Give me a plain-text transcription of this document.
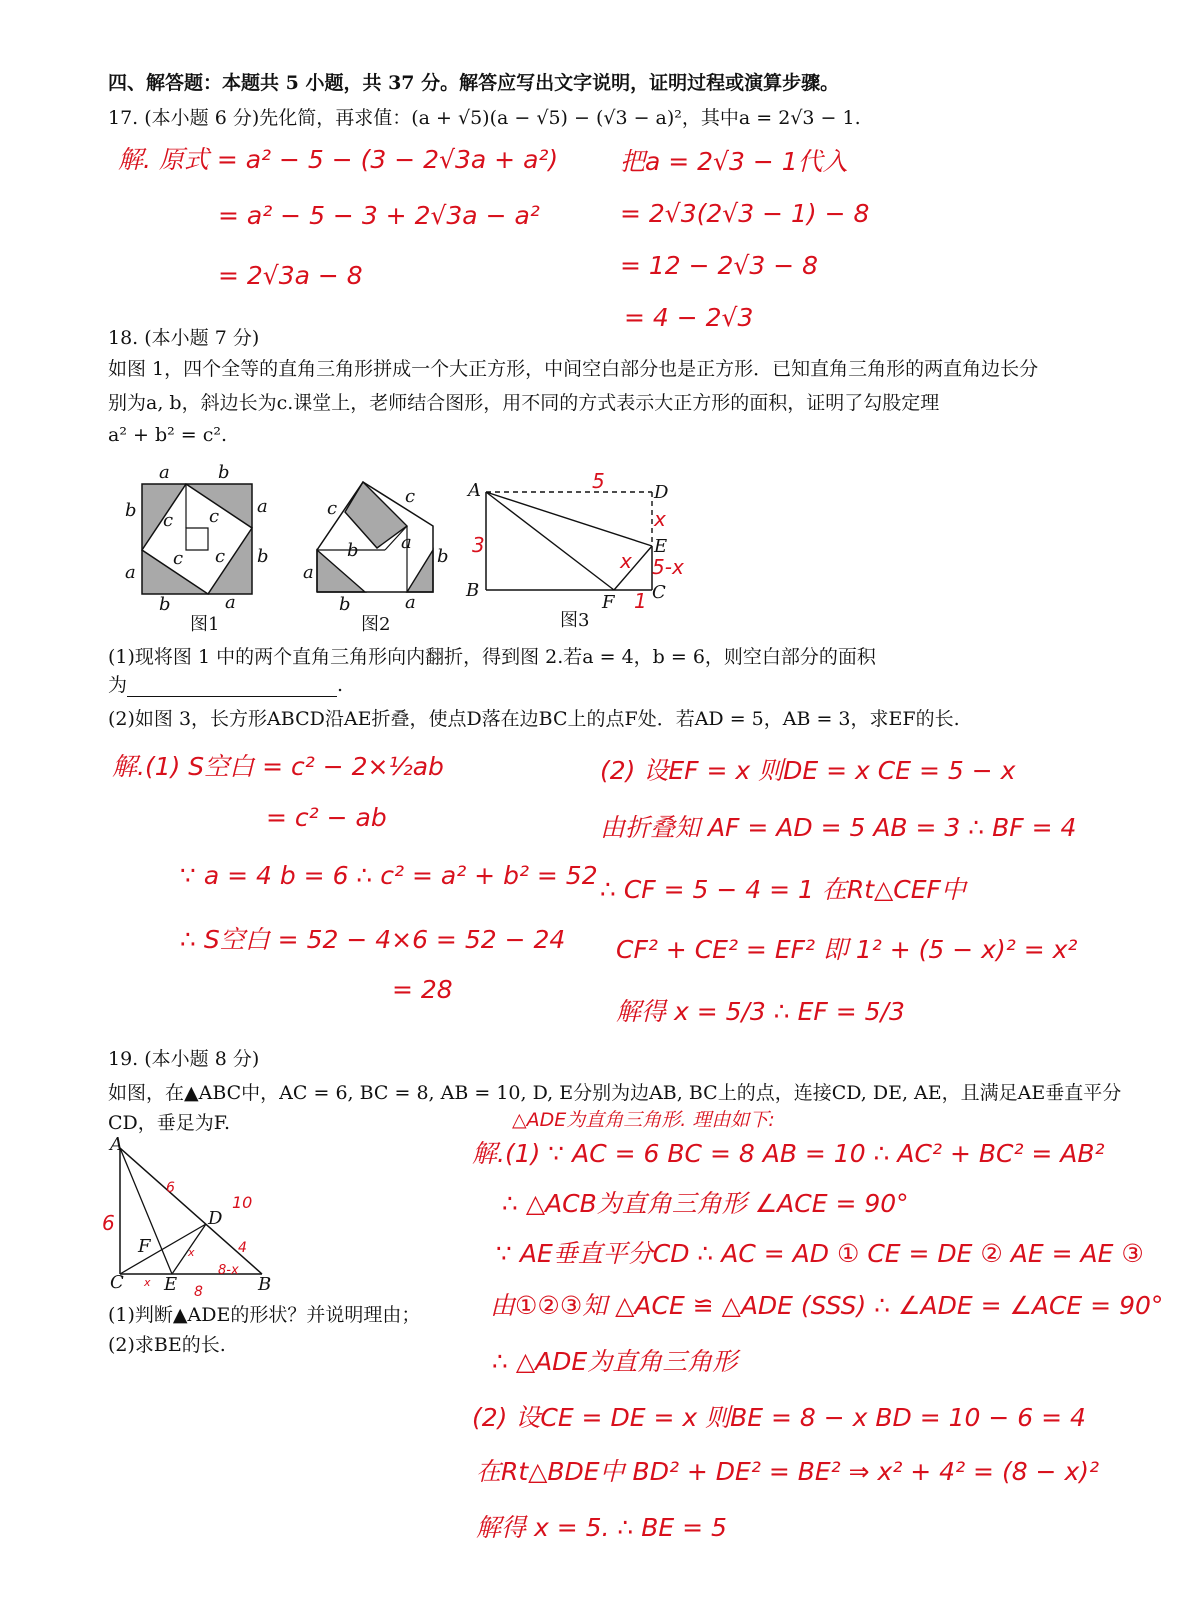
四、解答题：本题共 5 小题，共 37 分。解答应写出文字说明，证明过程或演算步骤。
17. (本小题 6 分)先化简，再求值：(a + √5)(a − √5) − (√3 − a)²，其中a = 2√3 − 1.
解. 原式 = a² − 5 − (3 − 2√3a + a²)
= a² − 5 − 3 + 2√3a − a²
= 2√3a − 8
把a = 2√3 − 1代入
= 2√3(2√3 − 1) − 8
= 12 − 2√3 − 8
= 4 − 2√3
18. (本小题 7 分)
如图 1，四个全等的直角三角形拼成一个大正方形，中间空白部分也是正方形．已知直角三角形的两直角边长分
别为a, b，斜边长为c.课堂上，老师结合图形，用不同的方式表示大正方形的面积，证明了勾股定理
a² + b² = c².
a	b
b
a
a
b
b	a
c c
c c
图1
c
c
b a
a
b
b	a
图2
A	D
E
C
B
F
5
3
x
5-x
1
x
图3
(1)现将图 1 中的两个直角三角形向内翻折，得到图 2.若a = 4，b = 6，则空白部分的面积
为	.
(2)如图 3，长方形ABCD沿AE折叠，使点D落在边BC上的点F处．若AD = 5，AB = 3，求EF的长.
解.(1) S空白 = c² − 2×½ab
= c² − ab
∵ a = 4 b = 6 ∴ c² = a² + b² = 52
∴ S空白 = 52 − 4×6 = 52 − 24
= 28
(2) 设EF = x 则DE = x CE = 5 − x
由折叠知 AF = AD = 5 AB = 3 ∴ BF = 4
∴ CF = 5 − 4 = 1 在Rt△CEF中
CF² + CE² = EF² 即 1² + (5 − x)² = x²
解得 x = 5/3 ∴ EF = 5/3
19. (本小题 8 分)
如图，在▲ABC中，AC = 6, BC = 8, AB = 10, D, E分别为边AB, BC上的点，连接CD, DE, AE，且满足AE垂直平分
CD，垂足为F.
A
D
F
C E	B
6
6
10
4
8-x
8
x
x
(1)判断▲ADE的形状？并说明理由；
(2)求BE的长.
△ADE为直角三角形. 理由如下:
解.(1) ∵ AC = 6 BC = 8 AB = 10 ∴ AC² + BC² = AB²
∴ △ACB为直角三角形 ∠ACE = 90°
∵ AE垂直平分CD ∴ AC = AD ① CE = DE ② AE = AE ③
由①②③知 △ACE ≌ △ADE (SSS) ∴ ∠ADE = ∠ACE = 90°
∴ △ADE为直角三角形
(2) 设CE = DE = x 则BE = 8 − x BD = 10 − 6 = 4
在Rt△BDE中 BD² + DE² = BE² ⇒ x² + 4² = (8 − x)²
解得 x = 5. ∴ BE = 5
